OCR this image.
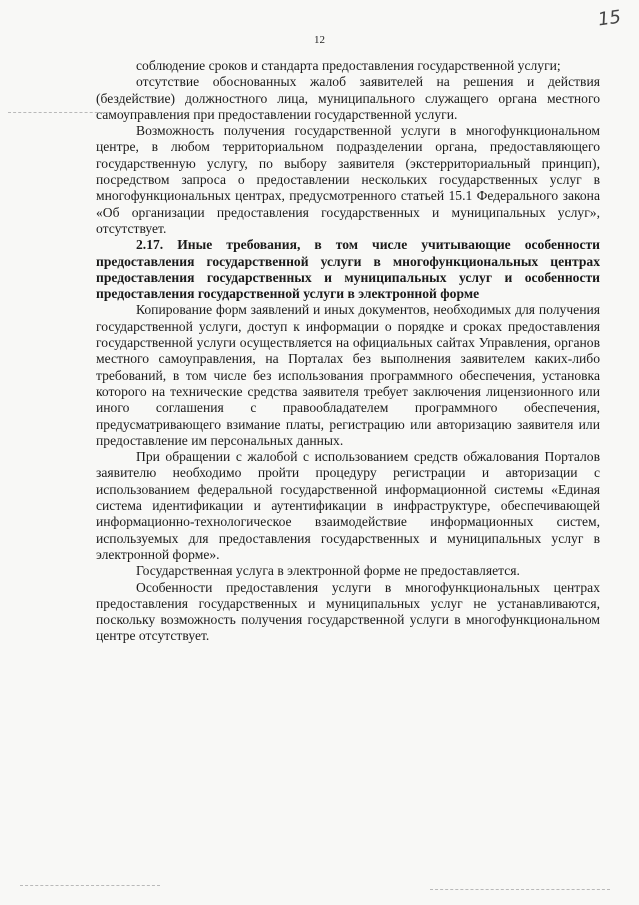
15
12

соблюдение сроков и стандарта предоставления государственной услуги;

отсутствие обоснованных жалоб заявителей на решения и действия (бездействие) должностного лица, муниципального служащего органа местного самоуправления при предоставлении государственной услуги.

Возможность получения государственной услуги в многофункциональном центре, в любом территориальном подразделении органа, предоставляющего государственную услугу, по выбору заявителя (экстерриториальный принцип), посредством запроса о предоставлении нескольких государственных услуг в многофункциональных центрах, предусмотренного статьей 15.1 Федерального закона «Об организации предоставления государственных и муниципальных услуг», отсутствует.

2.17. Иные требования, в том числе учитывающие особенности предоставления государственной услуги в многофункциональных центрах предоставления государственных и муниципальных услуг и особенности предоставления государственной услуги в электронной форме

Копирование форм заявлений и иных документов, необходимых для получения государственной услуги, доступ к информации о порядке и сроках предоставления государственной услуги осуществляется на официальных сайтах Управления, органов местного самоуправления, на Порталах без выполнения заявителем каких-либо требований, в том числе без использования программного обеспечения, установка которого на технические средства заявителя требует заключения лицензионного или иного соглашения с правообладателем программного обеспечения, предусматривающего взимание платы, регистрацию или авторизацию заявителя или предоставление им персональных данных.

При обращении с жалобой с использованием средств обжалования Порталов заявителю необходимо пройти процедуру регистрации и авторизации с использованием федеральной государственной информационной системы «Единая система идентификации и аутентификации в инфраструктуре, обеспечивающей информационно-технологическое взаимодействие информационных систем, используемых для предоставления государственных и муниципальных услуг в электронной форме».

Государственная услуга в электронной форме не предоставляется.

Особенности предоставления услуги в многофункциональных центрах предоставления государственных и муниципальных услуг не устанавливаются, поскольку возможность получения государственной услуги в многофункциональном центре отсутствует.
